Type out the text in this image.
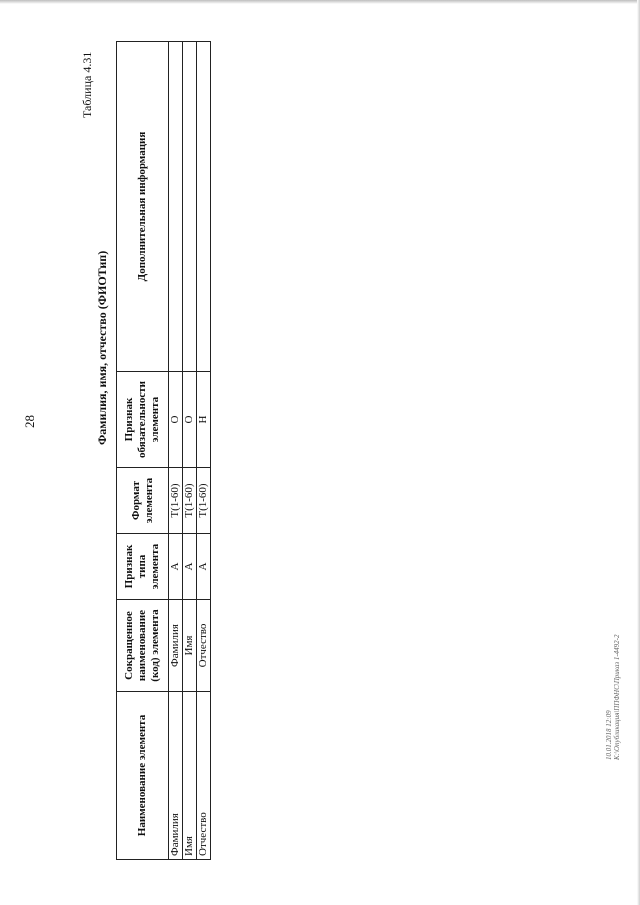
28
Таблица 4.31
Фамилия, имя, отчество (ФИОТип)
Наименование элемента	Сокращенное наименование (код) элемента	Признак типа элемента	Формат элемента	Признак обязательности элемента	Дополнительная информация
Фамилия	Фамилия	А	Т(1-60)	О	
Имя	Имя	А	Т(1-60)	О	
Отчество	Отчество	А	Т(1-60)	Н	
10.01.2018 12:09 К:\Опубликация\ППФНС\Приказ 1-4492-2
